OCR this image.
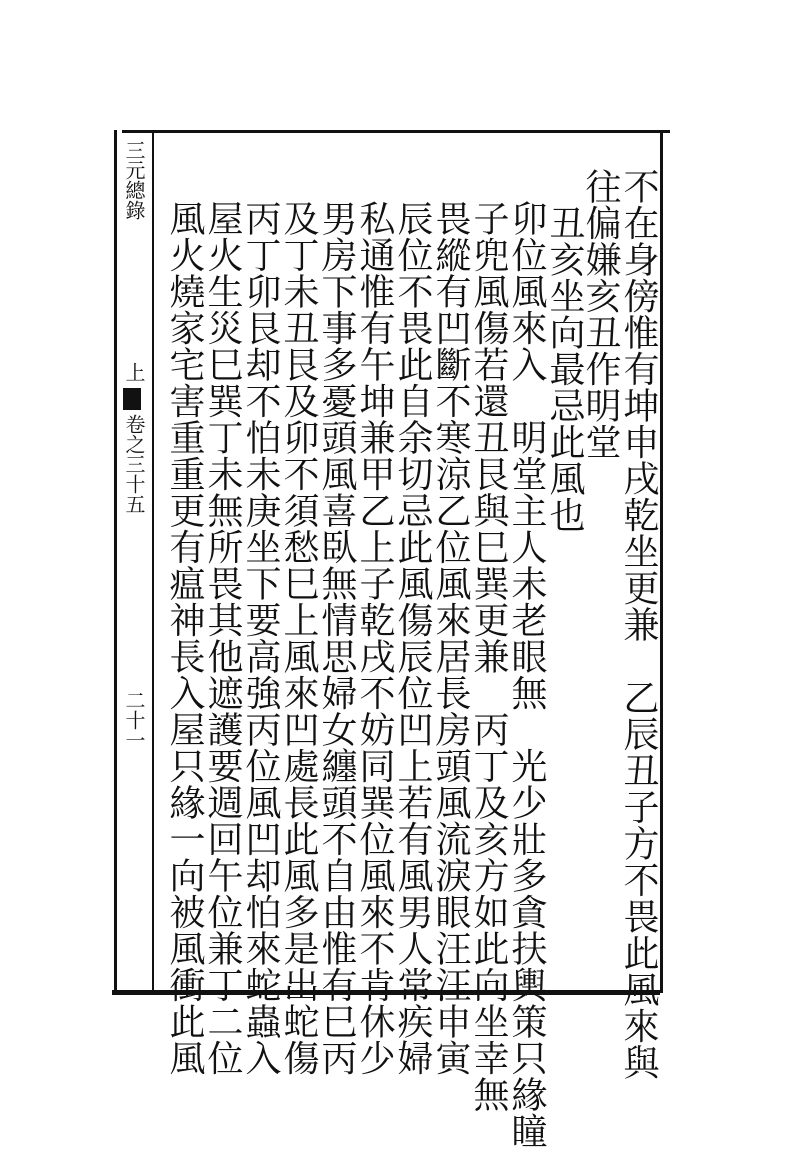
三元總錄
上
卷之三十五
二十一	不在身傍惟有坤申戌乾坐更兼　乙辰丑子方不畏此風來與
往偏嫌亥丑作明堂
　丑亥坐向最忌此風也
卯位風來入　明堂主人未老眼無　光少壯多貪扶輿策只緣瞳
子兜風傷若還丑艮與巳巽更兼　丙丁及亥方如此向坐幸無
畏縱有凹斷不寒涼乙位風來居長房頭風流淚眼汪汪申寅
辰位不畏此自余切忌此風傷辰位凹上若有風男人常疾婦
私通惟有午坤兼甲乙上子乾戌不妨同巽位風來不肯休少
男房下事多憂頭風喜臥無情思婦女纏頭不自由惟有巳丙
及丁未丑艮及卯不須愁巳上風來凹處長此風多是出蛇傷
丙丁卯艮却不怕未庚坐下要高強丙位風凹却怕來蛇蟲入
屋火生災巳巽丁未無所畏其他遮護要週回午位兼丁二位
風火燒家宅害重重更有瘟神長入屋只緣一向被風衝此風
